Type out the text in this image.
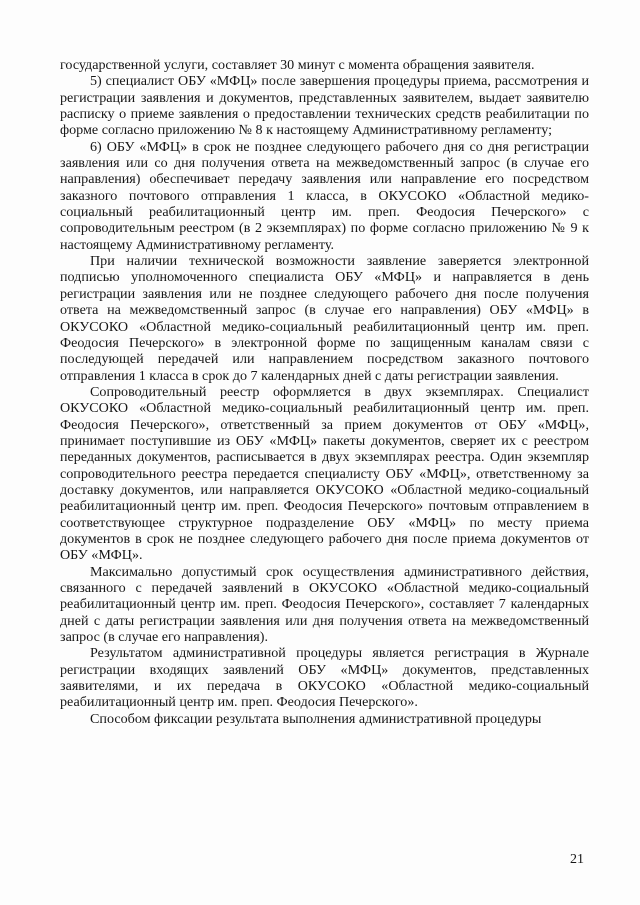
государственной услуги, составляет 30 минут с момента обращения заявителя.

5) специалист ОБУ «МФЦ» после завершения процедуры приема, рассмотрения и регистрации заявления и документов, представленных заявителем, выдает заявителю расписку о приеме заявления о предоставлении технических средств реабилитации по форме согласно приложению № 8 к настоящему Административному регламенту;

6) ОБУ «МФЦ» в срок не позднее следующего рабочего дня со дня регистрации заявления или со дня получения ответа на межведомственный запрос (в случае его направления) обеспечивает передачу заявления или направление его посредством заказного почтового отправления 1 класса, в ОКУСОКО «Областной медико-социальный реабилитационный центр им. преп. Феодосия Печерского» с сопроводительным реестром (в 2 экземплярах) по форме согласно приложению № 9 к настоящему Административному регламенту.

При наличии технической возможности заявление заверяется электронной подписью уполномоченного специалиста ОБУ «МФЦ» и направляется в день регистрации заявления или не позднее следующего рабочего дня после получения ответа на межведомственный запрос (в случае его направления) ОБУ «МФЦ» в ОКУСОКО «Областной медико-социальный реабилитационный центр им. преп. Феодосия Печерского» в электронной форме по защищенным каналам связи с последующей передачей или направлением посредством заказного почтового отправления 1 класса в срок до 7 календарных дней с даты регистрации заявления.

Сопроводительный реестр оформляется в двух экземплярах. Специалист ОКУСОКО «Областной медико-социальный реабилитационный центр им. преп. Феодосия Печерского», ответственный за прием документов от ОБУ «МФЦ», принимает поступившие из ОБУ «МФЦ» пакеты документов, сверяет их с реестром переданных документов, расписывается в двух экземплярах реестра. Один экземпляр сопроводительного реестра передается специалисту ОБУ «МФЦ», ответственному за доставку документов, или направляется ОКУСОКО «Областной медико-социальный реабилитационный центр им. преп. Феодосия Печерского» почтовым отправлением в соответствующее структурное подразделение ОБУ «МФЦ» по месту приема документов в срок не позднее следующего рабочего дня после приема документов от ОБУ «МФЦ».

Максимально допустимый срок осуществления административного действия, связанного с передачей заявлений в ОКУСОКО «Областной медико-социальный реабилитационный центр им. преп. Феодосия Печерского», составляет 7 календарных дней с даты регистрации заявления или дня получения ответа на межведомственный запрос (в случае его направления).

Результатом административной процедуры является регистрация в Журнале регистрации входящих заявлений ОБУ «МФЦ» документов, представленных заявителями, и их передача в ОКУСОКО «Областной медико-социальный реабилитационный центр им. преп. Феодосия Печерского».

Способом фиксации результата выполнения административной процедуры

21
